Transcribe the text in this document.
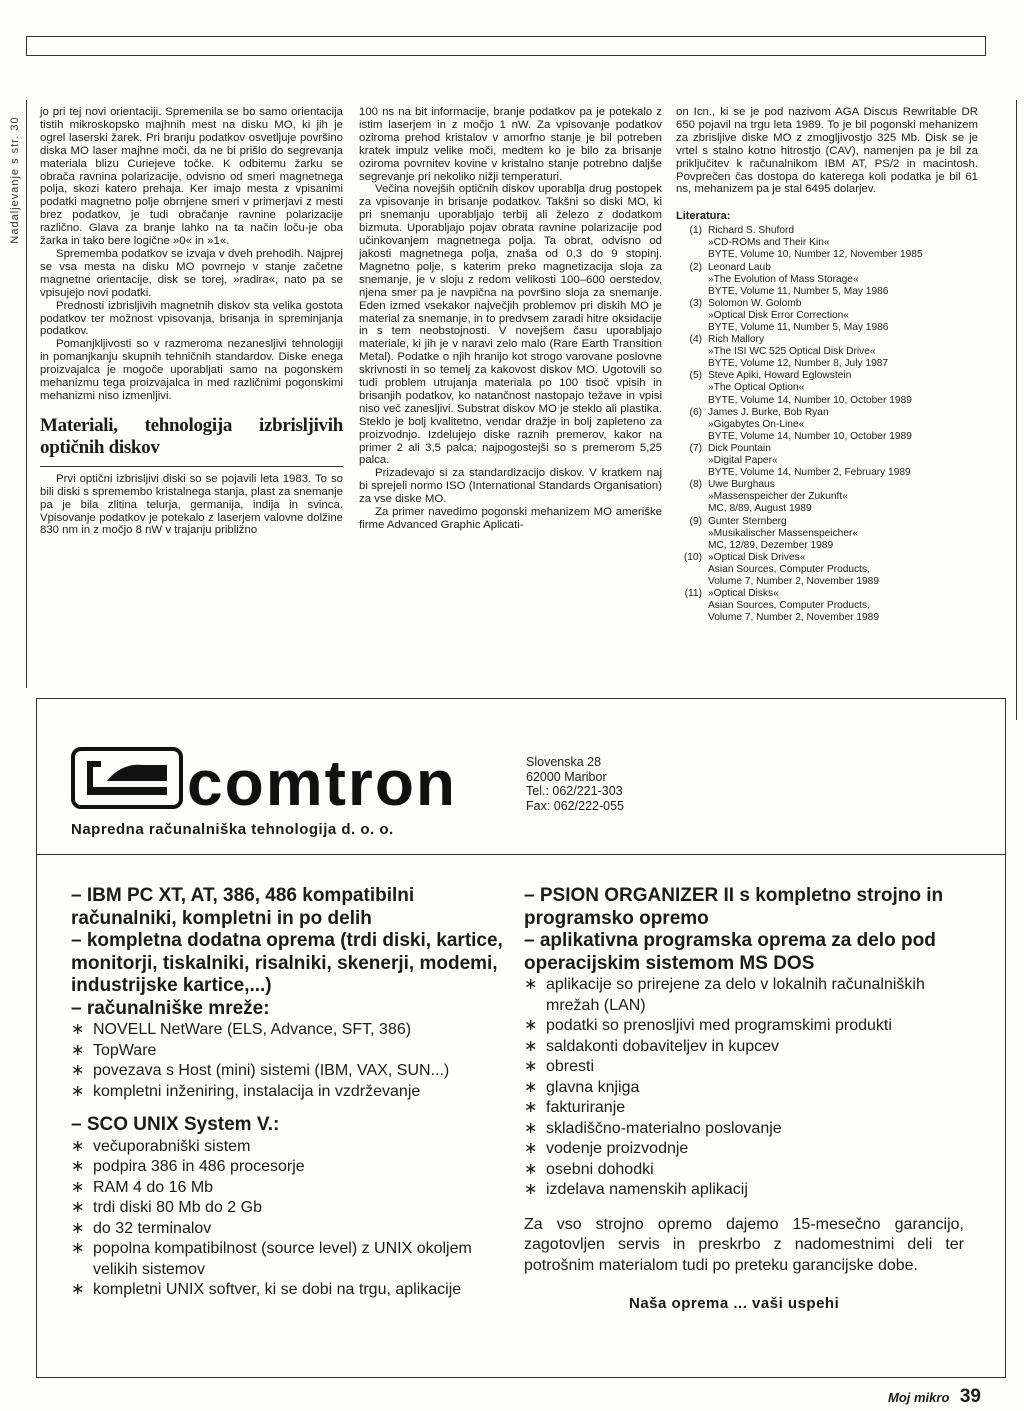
Nadaljevanje s str. 30

jo pri tej novi orientaciji. Spremenila se bo samo orientacija tistih mikroskopsko majhnih mest na disku MO, ki jih je ogrel laserski žarek. Pri branju podatkov osvetljuje površino diska MO laser majhne moči, da ne bi prišlo do segrevanja materiala blizu Curiejeve točke. K odbitemu žarku se obrača ravnina polarizacije, odvisno od smeri magnetnega polja, skozi katero prehaja. Ker imajo mesta z vpisanimi podatki magnetno polje obrnjene smeri v primerjavi z mesti brez podatkov, je tudi obračanje ravnine polarizacije različno. Glava za branje lahko na ta način loču-je oba žarka in tako bere logične »0« in »1«.

Sprememba podatkov se izvaja v dveh prehodih. Najprej se vsa mesta na disku MO povrnejo v stanje začetne magnetne orientacije, disk se torej, »radira«, nato pa se vpisujejo novi podatki.

Prednosti izbrisljivih magnetnih diskov sta velika gostota podatkov ter možnost vpisovanja, brisanja in spreminjanja podatkov.

Pomanjkljivosti so v razmeroma nezanesljivi tehnologiji in pomanjkanju skupnih tehničnih standardov. Diske enega proizvajalca je mogoče uporabljati samo na pogonskem mehanizmu tega proizvajalca in med različnimi pogonskimi mehanizmi niso izmenljivi.

Materiali, tehnologija izbrisljivih optičnih diskov

Prvi optični izbrisljivi diski so se pojavili leta 1983. To so bili diski s spremembo kristalnega stanja, plast za snemanje pa je bila zlitina telurja, germanija, indija in svinca. Vpisovanje podatkov je potekalo z laserjem valovne dolžine 830 nm in z močjo 8 nW v trajanju približno

100 ns na bit informacije, branje podatkov pa je potekalo z istim laserjem in z močjo 1 nW. Za vpisovanje podatkov oziroma prehod kristalov v amorfno stanje je bil potreben kratek impulz velike moči, medtem ko je bilo za brisanje oziroma povrnitev kovine v kristalno stanje potrebno daljše segrevanje pri nekoliko nižji temperaturi.

Večina novejših optičnih diskov uporablja drug postopek za vpisovanje in brisanje podatkov. Takšni so diski MO, ki pri snemanju uporabljajo terbij ali železo z dodatkom bizmuta. Uporabljajo pojav obrata ravnine polarizacije pod učinkovanjem magnetnega polja. Ta obrat, odvisno od jakosti magnetnega polja, znaša od 0,3 do 9 stopinj. Magnetno polje, s katerim preko magnetizacija sloja za snemanje, je v sloju z redom velikosti 100–600 oerstedov, njena smer pa je navpična na površino sloja za snemanje. Eden izmed vsekakor največjih problemov pri diskih MO je material za snemanje, in to predvsem zaradi hitre oksidacije in s tem neobstojnosti. V novejšem času uporabljajo materiale, ki jih je v naravi zelo malo (Rare Earth Transition Metal). Podatke o njih hranijo kot strogo varovane poslovne skrivnosti in so temelj za kakovost diskov MO. Ugotovili so tudi problem utrujanja materiala po 100 tisoč vpisih in brisanjih podatkov, ko natančnost nastopajo težave in vpisi niso več zanesljivi. Substrat diskov MO je steklo ali plastika. Steklo je bolj kvalitetno, vendar dražje in bolj zapleteno za proizvodnjo. Izdelujejo diske raznih premerov, kakor na primer 2 ali 3,5 palca; najpogostejši so s premerom 5,25 palca.

Prizadevajo si za standardizacijo diskov. V kratkem naj bi sprejeli normo ISO (International Standards Organisation) za vse diske MO.

Za primer navedimo pogonski mehanizem MO ameriške firme Advanced Graphic Aplicati-

on Icn., ki se je pod nazivom AGA Discus Rewritable DR 650 pojavil na trgu leta 1989. To je bil pogonski mehanizem za zbrisljive diske MO z zmogljivostjo 325 Mb. Disk se je vrtel s stalno kotno hitrostjo (CAV), namenjen pa je bil za priključitev k računalnikom IBM AT, PS/2 in macintosh. Povprečen čas dostopa do katerega koli podatka je bil 61 ns, mehanizem pa je stal 6495 dolarjev.

Literatura:
(1) Richard S. Shuford
»CD-ROMs and Their Kin«
BYTE, Volume 10, Number 12, November 1985
(2) Leonard Laub
»The Evolution of Mass Storage«
BYTE, Volume 11, Number 5, May 1986
(3) Solomon W. Golomb
»Optical Disk Error Correction«
BYTE, Volume 11, Number 5, May 1986
(4) Rich Mallory
»The ISI WC 525 Optical Disk Drive«
BYTE, Volume 12, Number 8, July 1987
(5) Steve Apiki, Howard Eglowstein
»The Optical Option«
BYTE, Volume 14, Number 10, October 1989
(6) James J. Burke, Bob Ryan
»Gigabytes On-Line«
BYTE, Volume 14, Number 10, October 1989
(7) Dick Pountain
»Digital Paper«
BYTE, Volume 14, Number 2, February 1989
(8) Uwe Burghaus
»Massenspeicher der Zukunft«
MC, 8/89, August 1989
(9) Gunter Sternberg
»Musikalischer Massenspeicher«
MC, 12/89, Dezember 1989
(10) »Optical Disk Drives«
Asian Sources, Computer Products,
Volume 7, Number 2, November 1989
(11) »Optical Disks«
Asian Sources, Computer Products,
Volume 7, Number 2, November 1989
comtron
Napredna računalniška tehnologija d. o. o.
Slovenska 28
62000 Maribor
Tel.: 062/221-303
Fax: 062/222-055
– IBM PC XT, AT, 386, 486 kompatibilni računalniki, kompletni in po delih
– kompletna dodatna oprema (trdi diski, kartice, monitorji, tiskalniki, risalniki, skenerji, modemi, industrijske kartice,...)
– računalniške mreže:
∗ NOVELL NetWare (ELS, Advance, SFT, 386)
∗ TopWare
∗ povezava s Host (mini) sistemi (IBM, VAX, SUN...)
∗ kompletni inženiring, instalacija in vzdrževanje
– SCO UNIX System V.:
∗ večuporabniški sistem
∗ podpira 386 in 486 procesorje
∗ RAM 4 do 16 Mb
∗ trdi diski 80 Mb do 2 Gb
∗ do 32 terminalov
∗ popolna kompatibilnost (source level) z UNIX okoljem velikih sistemov
∗ kompletni UNIX softver, ki se dobi na trgu, aplikacije
– PSION ORGANIZER II s kompletno strojno in programsko opremo
– aplikativna programska oprema za delo pod operacijskim sistemom MS DOS
∗ aplikacije so prirejene za delo v lokalnih računalniških mrežah (LAN)
∗ podatki so prenosljivi med programskimi produkti
∗ saldakonti dobaviteljev in kupcev
∗ obresti
∗ glavna knjiga
∗ fakturiranje
∗ skladiščno-materialno poslovanje
∗ vodenje proizvodnje
∗ osebni dohodki
∗ izdelava namenskih aplikacij
Za vso strojno opremo dajemo 15-mesečno garancijo, zagotovljen servis in preskrbo z nadomestnimi deli ter potrošnim materialom tudi po preteku garancijske dobe.
Naša oprema ... vaši uspehi
Moj mikro 39
